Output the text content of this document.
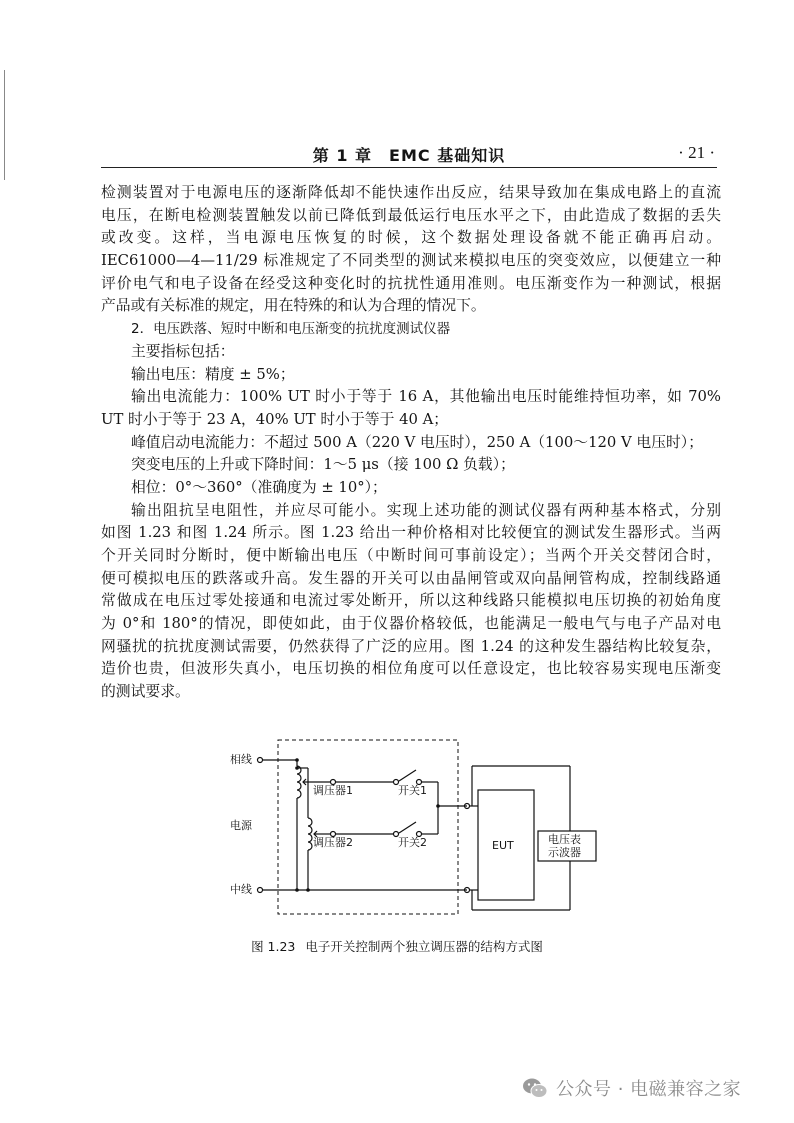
第 1 章　EMC 基础知识	· 21 ·
检测装置对于电源电压的逐渐降低却不能快速作出反应，结果导致加在集成电路上的直流
电压，在断电检测装置触发以前已降低到最低运行电压水平之下，由此造成了数据的丢失
或改变。这样，当电源电压恢复的时候，这个数据处理设备就不能正确再启动。
IEC61000—4—11/29 标准规定了不同类型的测试来模拟电压的突变效应，以便建立一种
评价电气和电子设备在经受这种变化时的抗扰性通用准则。电压渐变作为一种测试，根据
产品或有关标准的规定，用在特殊的和认为合理的情况下。
2．电压跌落、短时中断和电压渐变的抗扰度测试仪器
主要指标包括：
输出电压：精度 ± 5%；
输出电流能力：100% UT 时小于等于 16 A，其他输出电压时能维持恒功率，如 70%
UT 时小于等于 23 A，40% UT 时小于等于 40 A；
峰值启动电流能力：不超过 500 A（220 V 电压时），250 A（100～120 V 电压时）；
突变电压的上升或下降时间：1～5 μs（接 100 Ω 负载）；
相位：0°～360°（准确度为 ± 10°）；
输出阻抗呈电阻性，并应尽可能小。实现上述功能的测试仪器有两种基本格式，分别
如图 1.23 和图 1.24 所示。图 1.23 给出一种价格相对比较便宜的测试发生器形式。当两
个开关同时分断时，便中断输出电压（中断时间可事前设定）；当两个开关交替闭合时，
便可模拟电压的跌落或升高。发生器的开关可以由晶闸管或双向晶闸管构成，控制线路通
常做成在电压过零处接通和电流过零处断开，所以这种线路只能模拟电压切换的初始角度
为 0°和 180°的情况，即使如此，由于仪器价格较低，也能满足一般电气与电子产品对电
网骚扰的抗扰度测试需要，仍然获得了广泛的应用。图 1.24 的这种发生器结构比较复杂，
造价也贵，但波形失真小，电压切换的相位角度可以任意设定，也比较容易实现电压渐变
的测试要求。
相线
电源
中线
调压器1
调压器2
开关1
开关2	EUT	电压表
示波器
图 1.23 电子开关控制两个独立调压器的结构方式图
公众号 · 电磁兼容之家
